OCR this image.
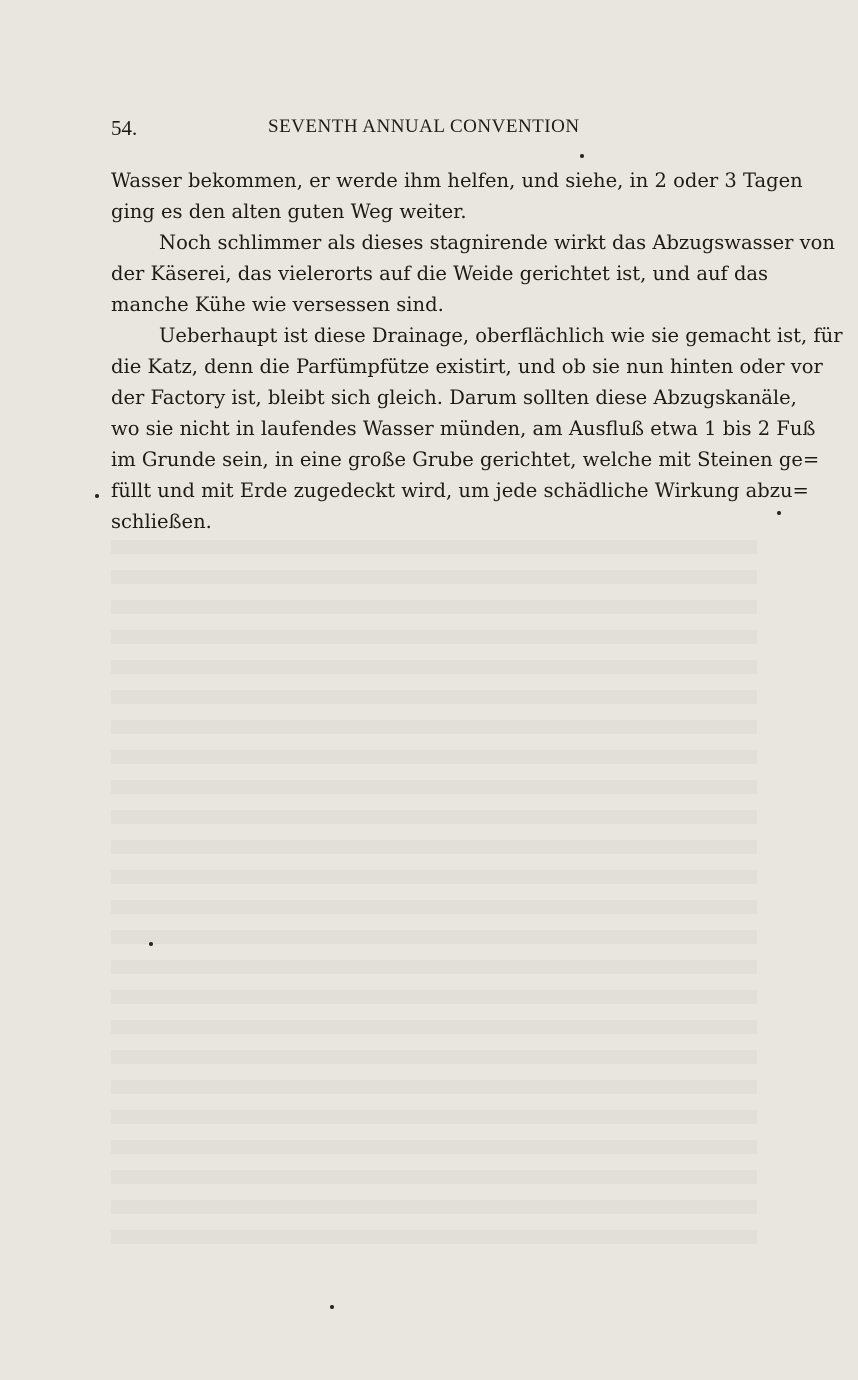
54.	SEVENTH ANNUAL CONVENTION
Wasser bekommen, er werde ihm helfen, und siehe, in 2 oder 3 Tagen
ging es den alten guten Weg weiter.
Noch schlimmer als dieses stagnirende wirkt das Abzugswasser von
der Käserei, das vielerorts auf die Weide gerichtet ist, und auf das
manche Kühe wie versessen sind.
Ueberhaupt ist diese Drainage, oberflächlich wie sie gemacht ist, für
die Katz, denn die Parfümpfütze existirt, und ob sie nun hinten oder vor
der Factory ist, bleibt sich gleich. Darum sollten diese Abzugskanäle,
wo sie nicht in laufendes Wasser münden, am Ausfluß etwa 1 bis 2 Fuß
im Grunde sein, in eine große Grube gerichtet, welche mit Steinen ge=
füllt und mit Erde zugedeckt wird, um jede schädliche Wirkung abzu=
schließen.
